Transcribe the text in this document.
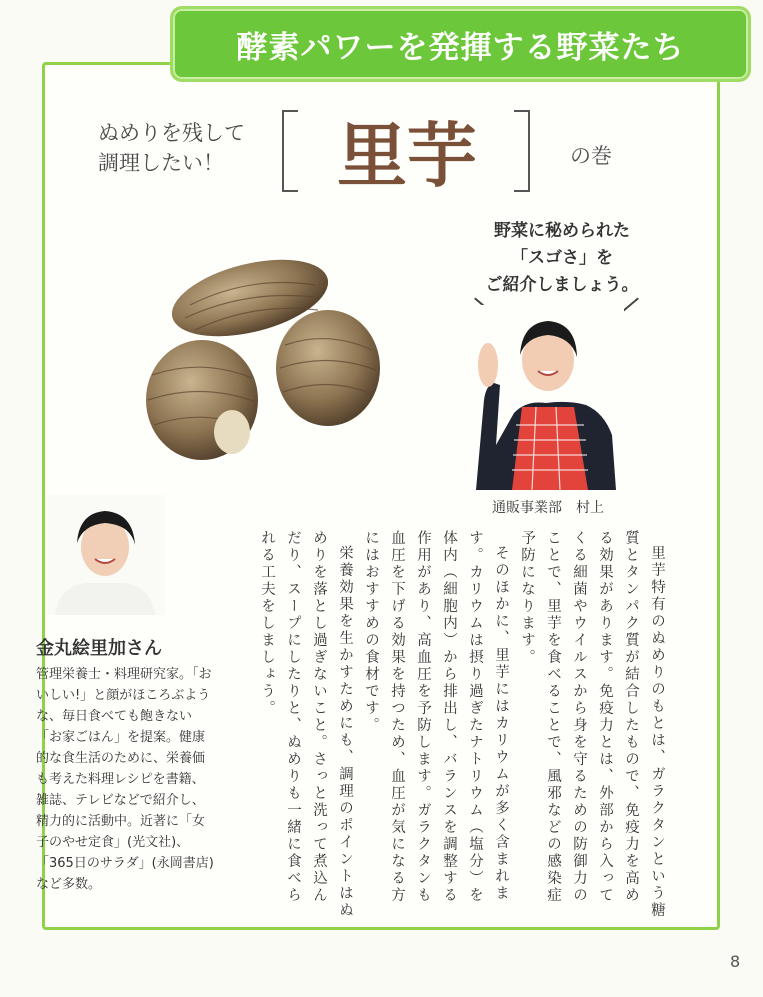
酵素パワーを発揮する野菜たち
ぬめりを残して
調理したい！	里芋	の巻
野菜に秘められた
「スゴさ」を
ご紹介しましょう。
通販事業部　村上
金丸絵里加さん
管理栄養士・料理研究家。「おいしい!」と顔がほころぶような、毎日食べても飽きない「お家ごはん」を提案。健康的な食生活のために、栄養価も考えた料理レシピを書籍、雑誌、テレビなどで紹介し、精力的に活動中。近著に「女子のやせ定食」(光文社)、「365日のサラダ」(永岡書店)など多数。	里芋特有のぬめりのもとは、ガラクタンという糖質とタンパク質が結合したもので、免疫力を高める効果があります。免疫力とは、外部から入ってくる細菌やウイルスから身を守るための防御力のことで、里芋を食べることで、風邪などの感染症予防になります。

そのほかに、里芋にはカリウムが多く含まれます。カリウムは摂り過ぎたナトリウム（塩分）を体内（細胞内）から排出し、バランスを調整する作用があり、高血圧を予防します。ガラクタンも血圧を下げる効果を持つため、血圧が気になる方にはおすすめの食材です。

栄養効果を生かすためにも、調理のポイントはぬめりを落とし過ぎないこと。さっと洗って煮込んだり、スープにしたりと、ぬめりも一緒に食べられる工夫をしましょう。

8
